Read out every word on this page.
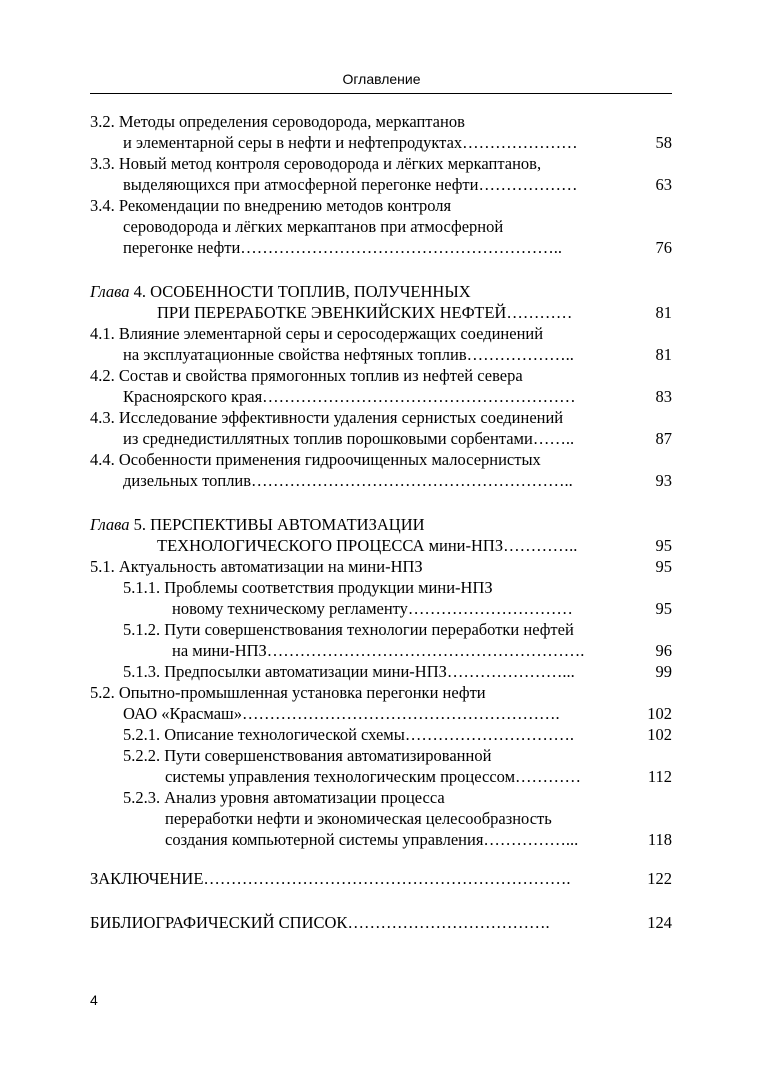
Оглавление
3.2. Методы определения сероводорода, меркаптанов
и элементарной серы в нефти и нефтепродуктах…………………	58
3.3. Новый метод контроля сероводорода и лёгких меркаптанов,
выделяющихся при атмосферной перегонке нефти………………	63
3.4. Рекомендации по внедрению методов контроля
сероводорода и лёгких меркаптанов при атмосферной
перегонке нефти…………………………………………………..	76
Глава 4. ОСОБЕННОСТИ ТОПЛИВ, ПОЛУЧЕННЫХ
ПРИ ПЕРЕРАБОТКЕ ЭВЕНКИЙСКИХ НЕФТЕЙ…………	81
4.1. Влияние элементарной серы и серосодержащих соединений
на эксплуатационные свойства нефтяных топлив………………..	81
4.2. Состав и свойства прямогонных топлив из нефтей севера
Красноярского края…………………………………………………	83
4.3. Исследование эффективности удаления сернистых соединений
из среднедистиллятных топлив порошковыми сорбентами……..	87
4.4. Особенности применения гидроочищенных малосернистых
дизельных топлив…………………………………………………..	93
Глава 5. ПЕРСПЕКТИВЫ АВТОМАТИЗАЦИИ
ТЕХНОЛОГИЧЕСКОГО ПРОЦЕССА мини-НПЗ…………..	95
5.1. Актуальность автоматизации на мини-НПЗ	95
5.1.1. Проблемы соответствия продукции мини-НПЗ
новому техническому регламенту…………………………	95
5.1.2. Пути совершенствования технологии переработки нефтей
на мини-НПЗ………………………………………………….	96
5.1.3. Предпосылки автоматизации мини-НПЗ…………………...	99
5.2. Опытно-промышленная установка перегонки нефти
ОАО «Красмаш»………………………………………………….	102
5.2.1. Описание технологической схемы………………………….	102
5.2.2. Пути совершенствования автоматизированной
системы управления технологическим процессом…………	112
5.2.3. Анализ уровня автоматизации процесса
переработки нефти и экономическая целесообразность
создания компьютерной системы управления……………...	118
ЗАКЛЮЧЕНИЕ………………………………………………………….	122
БИБЛИОГРАФИЧЕСКИЙ СПИСОК……………………………….	124
4
